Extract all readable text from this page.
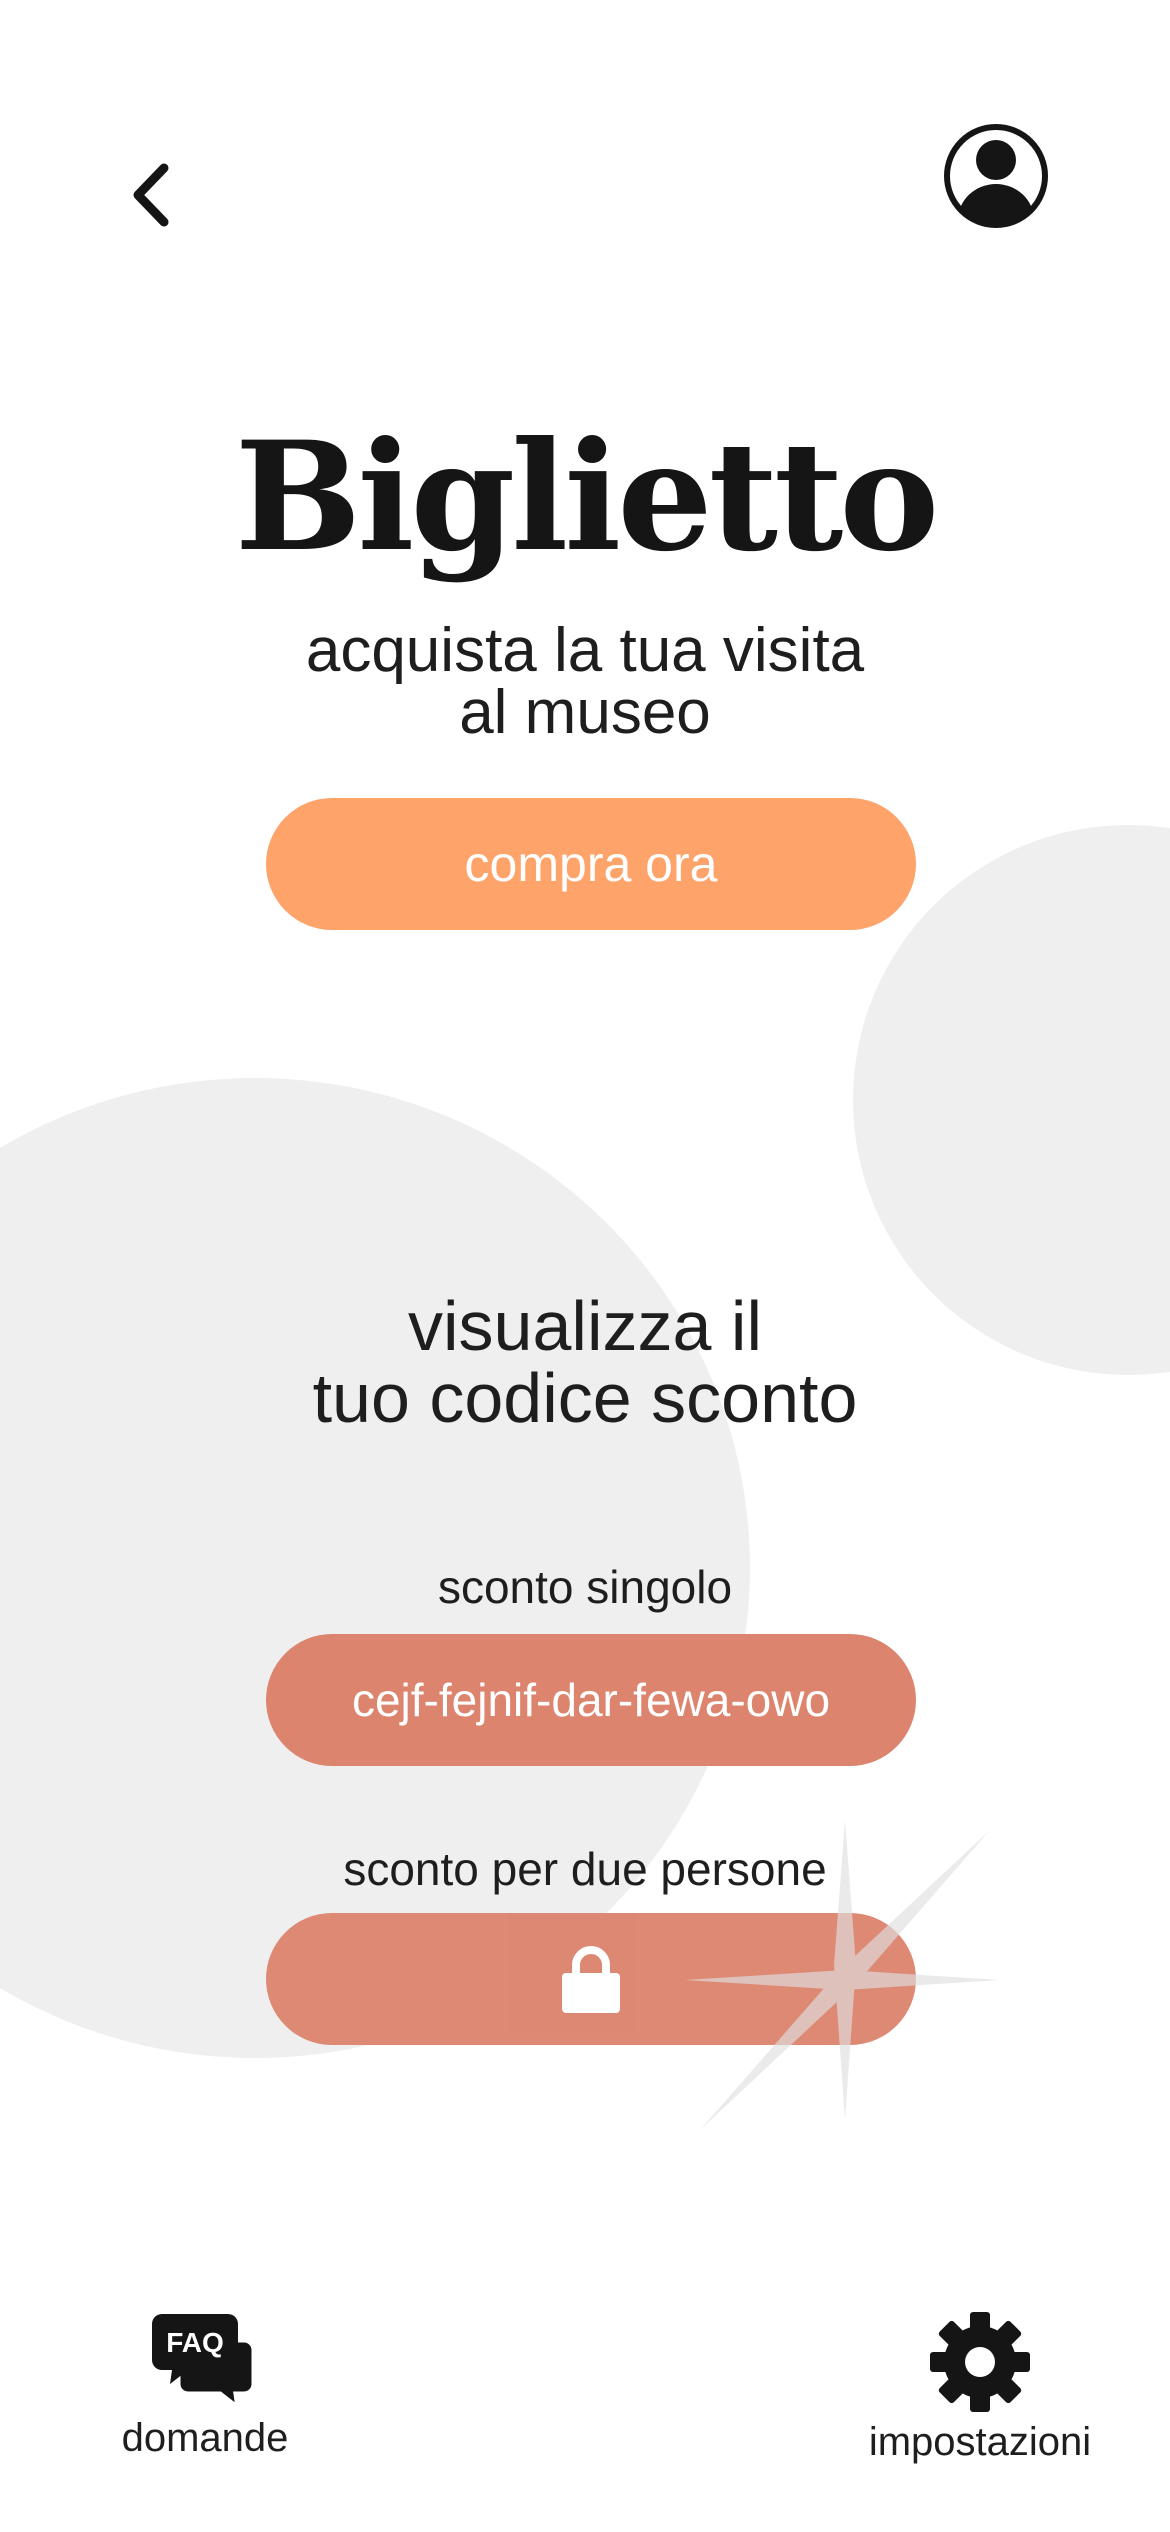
Biglietto
acquista la tua visita
al museo
compra ora
visualizza il
tuo codice sconto
sconto singolo
cejf-fejnif-dar-fewa-owo
sconto per due persone
FAQ
domande	impostazioni
